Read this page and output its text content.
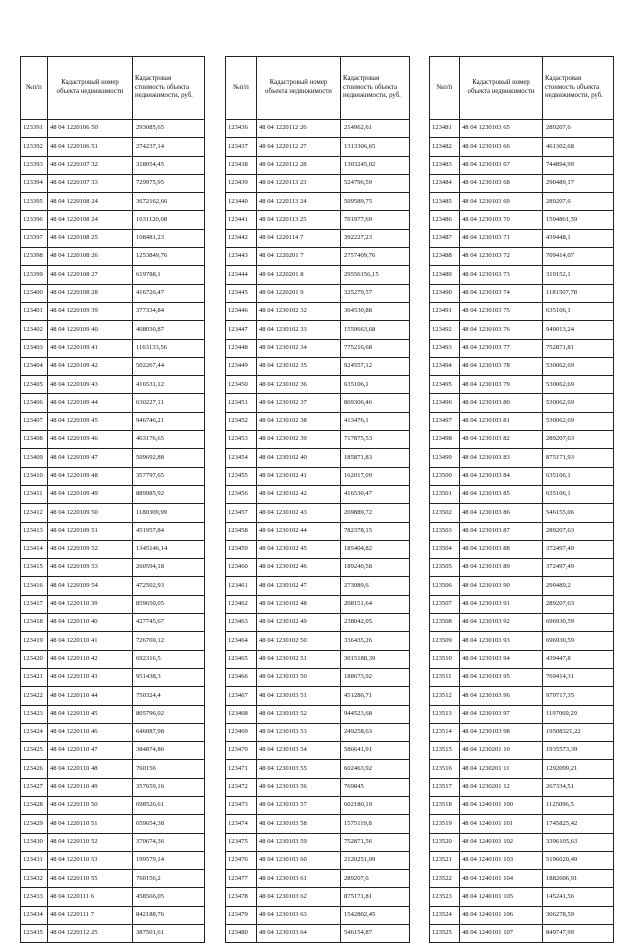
№п/п	Кадастровый номер объекта недвижимости	Кадастровая стоимость объекта недвижимости, руб.
123391	48 04 1220106 50	293085,65
123392	48 04 1220106 51	274237,14
123393	48 04 1220107 32	318054,45
123394	48 04 1220107 33	729975,95
123395	48 04 1220108 24	3672162,66
123396	48 04 1220108 24	1031120,08
123397	48 04 1220108 25	108481,23
123398	48 04 1220108 26	1253849,76
123399	48 04 1220108 27	619788,1
123400	48 04 1220108 28	416726,47
123401	48 04 1220109 39	377334,84
123402	48 04 1220109 40	408030,87
123403	48 04 1220109 41	1163133,56
123404	48 04 1220109 42	502267,44
123405	48 04 1220109 43	416531,12
123406	48 04 1220109 44	630227,11
123407	48 04 1220109 45	946746,21
123408	48 04 1220109 46	463176,65
123409	48 04 1220109 47	509692,88
123410	48 04 1220109 48	357797,65
123411	48 04 1220109 49	889985,92
123412	48 04 1220109 50	1180309,99
123413	48 04 1220109 51	451957,84
123414	48 04 1220109 52	1345146,14
123415	48 04 1220109 53	260594,18
123416	48 04 1220109 54	472502,93
123417	48 04 1220110 39	859650,05
123418	48 04 1220110 40	427745,67
123419	48 04 1220110 41	726769,12
123420	48 04 1220110 42	692316,5
123421	48 04 1220110 43	951438,3
123422	48 04 1220110 44	750324,4
123423	48 04 1220110 45	805796,02
123424	48 04 1220110 46	646087,98
123425	48 04 1220110 47	384874,86
123426	48 04 1220110 48	760156
123427	48 04 1220110 49	357659,16
123428	48 04 1220110 50	698526,61
123429	48 04 1220110 51	659654,38
123430	48 04 1220110 52	370674,36
123431	48 04 1220110 53	199579,14
123432	48 04 1220110 55	760156,2
123433	48 04 1220111 6	458566,05
123434	48 04 1220111 7	842188,76
123435	48 04 1220112 25	387501,61
№п/п	Кадастровый номер объекта недвижимости	Кадастровая стоимость объекта недвижимости, руб.
123436	48 04 1220112 26	214962,61
123437	48 04 1220112 27	1313306,65
123438	48 04 1220112 28	1303245,02
123439	48 04 1220113 23	524796,59
123440	48 04 1220113 24	509589,75
123441	48 04 1220113 25	701977,69
123442	48 04 1220114 7	392227,23
123443	48 04 1220201 7	2757409,76
123444	48 04 1220201 8	29556156,15
123445	48 04 1220201 9	325279,57
123446	48 04 1230102 32	304530,88
123447	48 04 1230102 33	1559663,68
123448	48 04 1230102 34	775216,68
123449	48 04 1230102 35	924557,12
123450	48 04 1230102 36	635106,1
123451	48 04 1230102 37	869306,46
123452	48 04 1230102 38	413476,1
123453	48 04 1230102 39	717875,53
123454	48 04 1230102 40	185871,83
123455	48 04 1230102 41	162017,09
123456	48 04 1230102 42	416530,47
123457	48 04 1230102 43	269889,72
123458	48 04 1230102 44	782378,15
123459	48 04 1230102 45	185404,82
123460	48 04 1230102 46	189240,58
123461	48 04 1230102 47	273089,6
123462	48 04 1230102 48	208151,64
123463	48 04 1230102 49	238042,05
123464	48 04 1230102 50	336435,26
123465	48 04 1230102 51	3015188,39
123466	48 04 1230103 50	188673,92
123467	48 04 1230103 51	451286,71
123468	48 04 1230103 52	944523,68
123469	48 04 1230103 53	249258,63
123470	48 04 1230103 54	586641,91
123471	48 04 1230103 55	602463,92
123472	48 04 1230103 56	769845
123473	48 04 1230103 57	602180,19
123474	48 04 1230103 58	1575119,8
123475	48 04 1230103 59	752871,56
123476	48 04 1230103 60	2120251,09
123477	48 04 1230103 61	289207,6
123478	48 04 1230103 62	875171,81
123479	48 04 1230103 63	1542802,45
123480	48 04 1230103 64	546154,87
№п/п	Кадастровый номер объекта недвижимости	Кадастровая стоимость объекта недвижимости, руб.
123481	48 04 1230103 65	289207,6
123482	48 04 1230103 66	461302,68
123483	48 04 1230103 67	744894,99
123484	48 04 1230103 68	290489,17
123485	48 04 1230103 69	289207,6
123486	48 04 1230103 70	1594861,59
123487	48 04 1230103 71	439448,1
123488	48 04 1230103 72	709414,07
123489	48 04 1230103 73	319152,1
123490	48 04 1230103 74	1181507,78
123491	48 04 1230103 75	635106,1
123492	48 04 1230103 76	949013,24
123493	48 04 1230103 77	752871,81
123494	48 04 1230103 78	530062,69
123495	48 04 1230103 79	530062,69
123496	48 04 1230103 80	530062,69
123497	48 04 1230103 81	530062,69
123498	48 04 1230103 82	289207,63
123499	48 04 1230103 83	875171,93
123500	48 04 1230103 84	635106,1
123501	48 04 1230103 85	635106,1
123502	48 04 1230103 86	546155,06
123503	48 04 1230103 87	289207,63
123504	48 04 1230103 88	372497,49
123505	48 04 1230103 89	372497,49
123506	48 04 1230103 90	290489,2
123507	48 04 1230103 91	289207,63
123508	48 04 1230103 92	696930,59
123509	48 04 1230103 93	696930,59
123510	48 04 1230103 94	439447,8
123511	48 04 1230103 95	769414,31
123512	48 04 1230103 96	979717,35
123513	48 04 1230103 97	1197069,29
123514	48 04 1230103 98	19508321,22
123515	48 04 1230201 10	1935573,39
123516	48 04 1230201 11	1292099,21
123517	48 04 1230201 12	267334,51
123518	48 04 1240101 100	1125096,5
123519	48 04 1240101 101	1745825,42
123520	48 04 1240101 102	3396105,63
123521	48 04 1240101 103	5196020,49
123522	48 04 1240101 104	1882606,91
123523	48 04 1240101 105	145241,56
123524	48 04 1240101 106	306278,59
123525	48 04 1240101 107	849747,99
